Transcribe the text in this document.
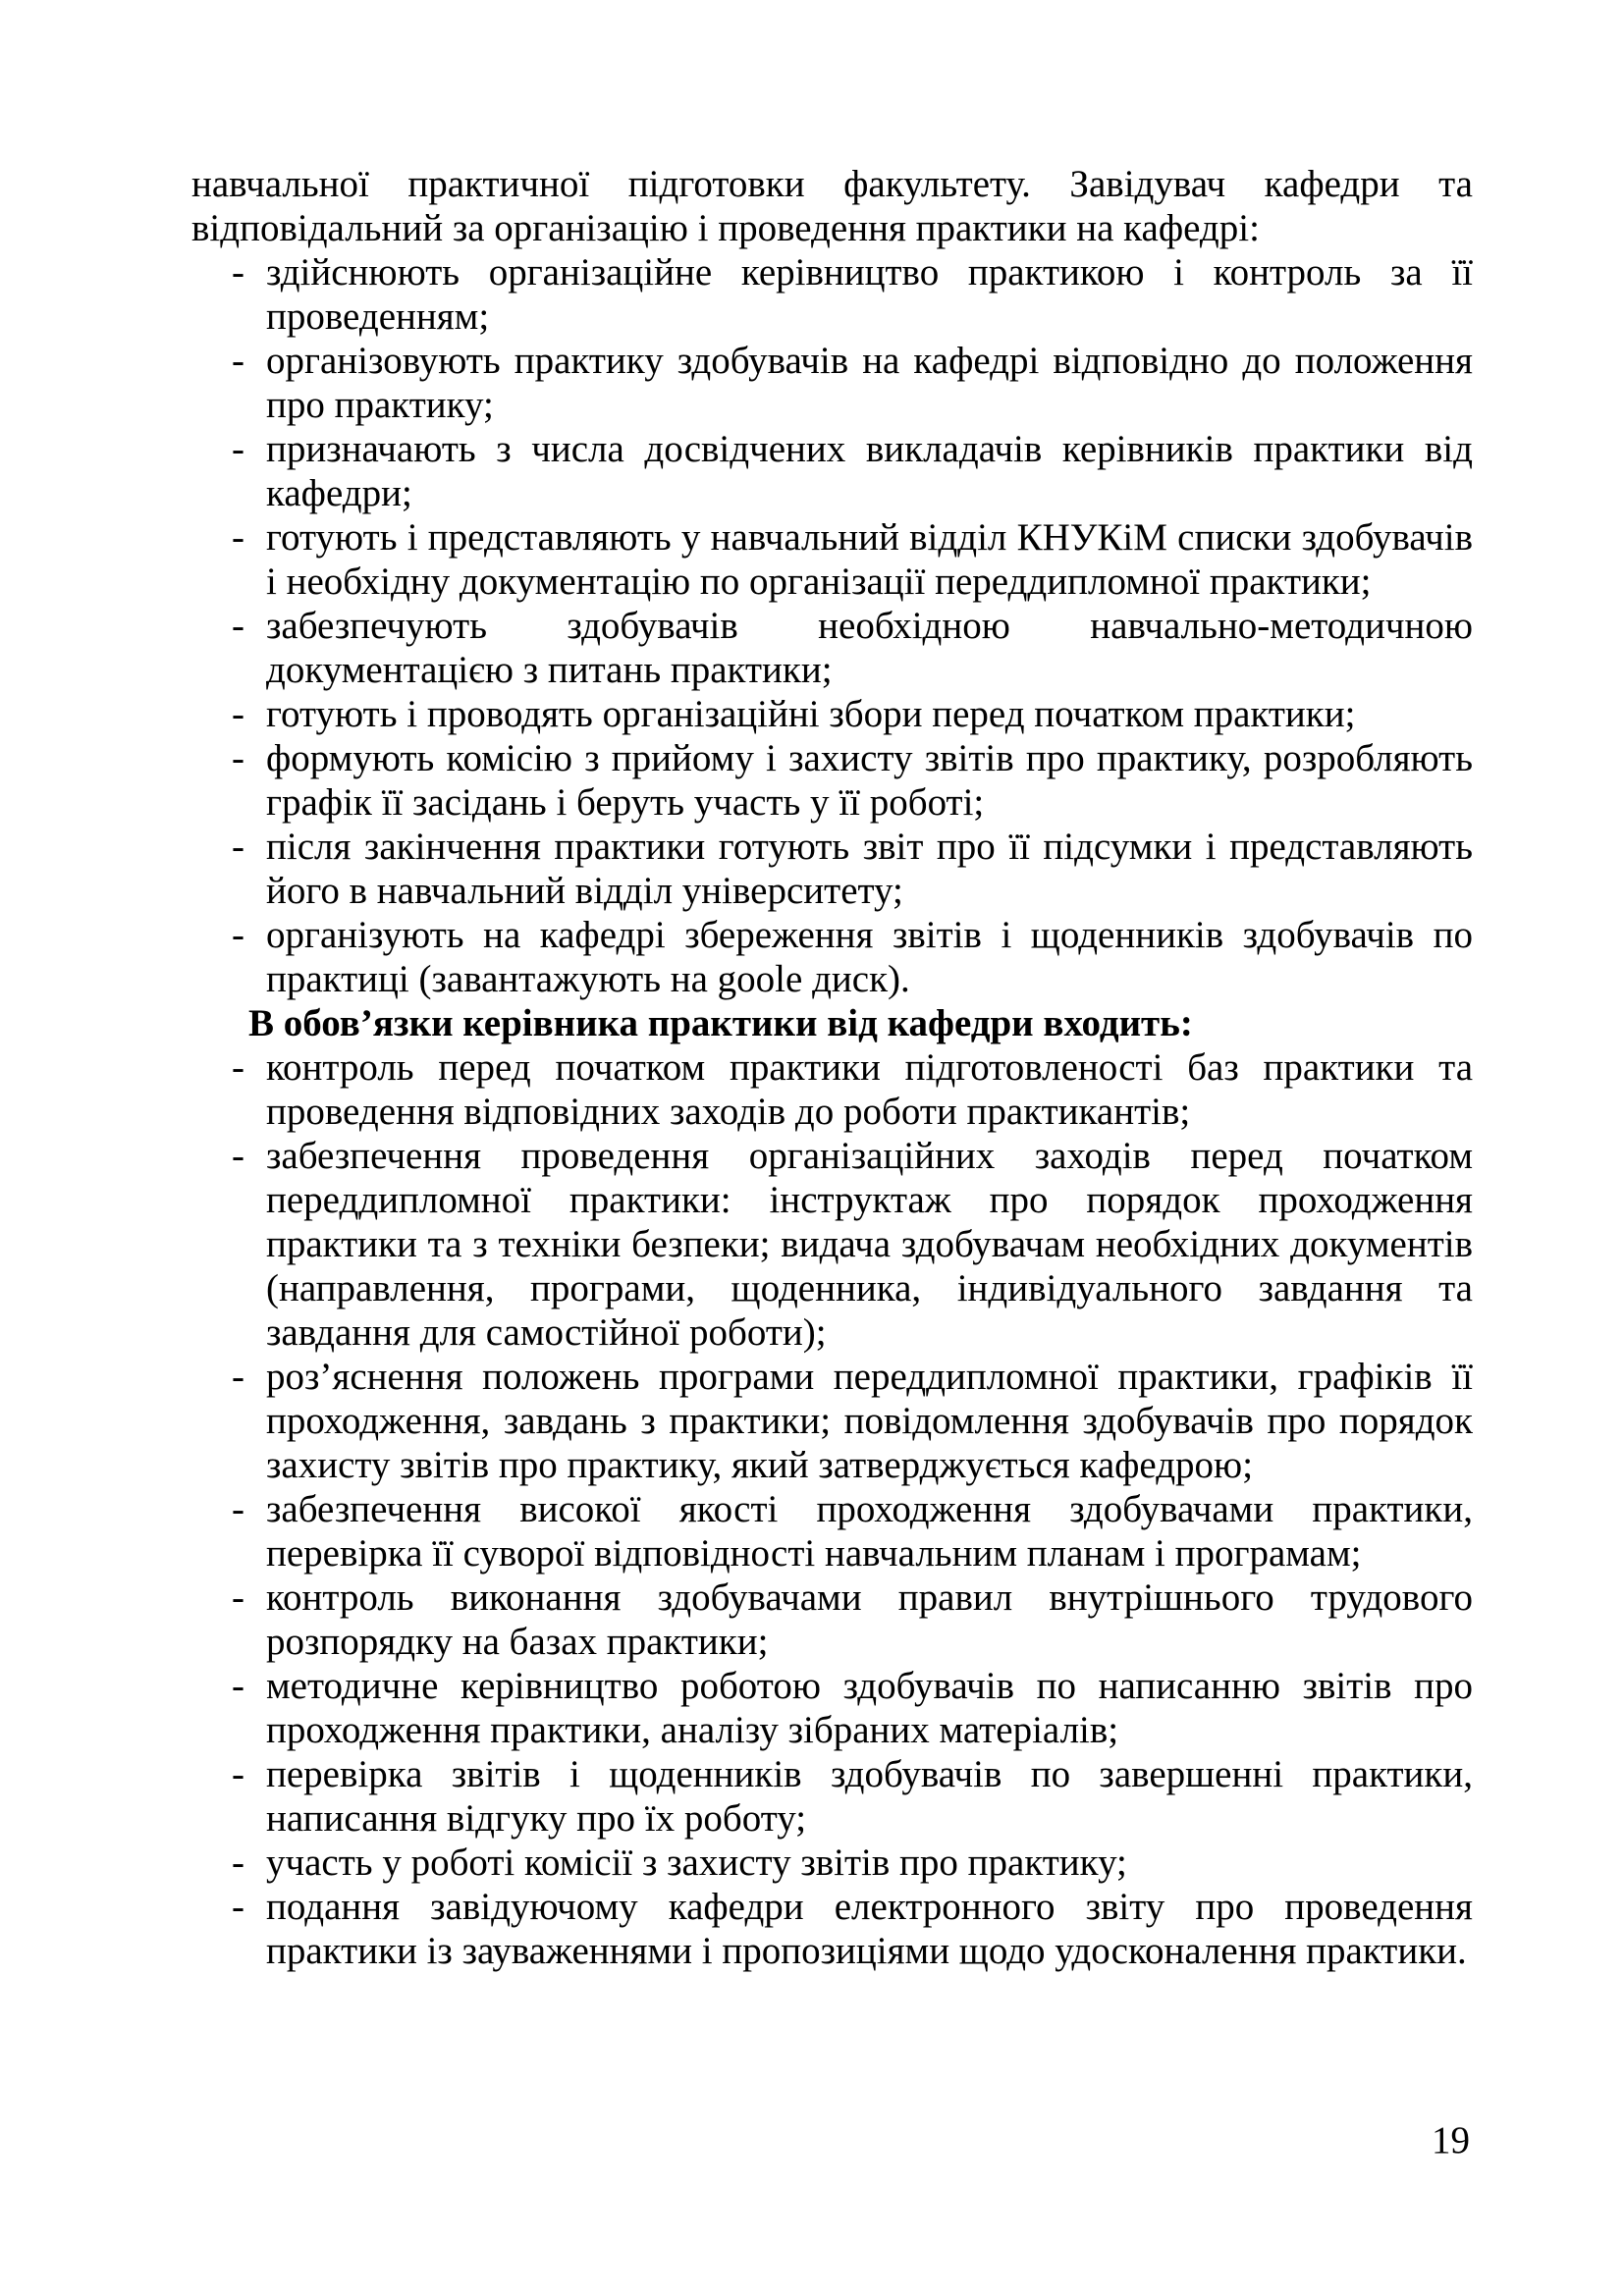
навчальної практичної підготовки факультету. Завідувач кафедри та відповідальний за організацію і проведення практики на кафедрі:

- здійснюють організаційне керівництво практикою і контроль за її проведенням;
- організовують практику здобувачів на кафедрі відповідно до положення про практику;
- призначають з числа досвідчених викладачів керівників практики від кафедри;
- готують і представляють у навчальний відділ КНУКіМ списки здобувачів і необхідну документацію по організації переддипломної практики;
- забезпечують здобувачів необхідною навчально-методичною документацією з питань практики;
- готують і проводять організаційні збори перед початком практики;
- формують комісію з прийому і захисту звітів про практику, розробляють графік її засідань і беруть участь у її роботі;
- після закінчення практики готують звіт про її підсумки і представляють його в навчальний відділ університету;
- організують на кафедрі збереження звітів і щоденників здобувачів по практиці (завантажують на goole диск).

В обов’язки керівника практики від кафедри входить:

- контроль перед початком практики підготовленості баз практики та проведення відповідних заходів до роботи практикантів;
- забезпечення проведення організаційних заходів перед початком переддипломної практики: інструктаж про порядок проходження практики та з техніки безпеки; видача здобувачам необхідних документів (направлення, програми, щоденника, індивідуального завдання та завдання для самостійної роботи);
- роз’яснення положень програми переддипломної практики, графіків її проходження, завдань з практики; повідомлення здобувачів про порядок захисту звітів про практику, який затверджується кафедрою;
- забезпечення високої якості проходження здобувачами практики, перевірка її суворої відповідності навчальним планам і програмам;
- контроль виконання здобувачами правил внутрішнього трудового розпорядку на базах практики;
- методичне керівництво роботою здобувачів по написанню звітів про проходження практики, аналізу зібраних матеріалів;
- перевірка звітів і щоденників здобувачів по завершенні практики, написання відгуку про їх роботу;
- участь у роботі комісії з захисту звітів про практику;
- подання завідуючому кафедри електронного звіту про проведення практики із зауваженнями і пропозиціями щодо удосконалення практики.
19
